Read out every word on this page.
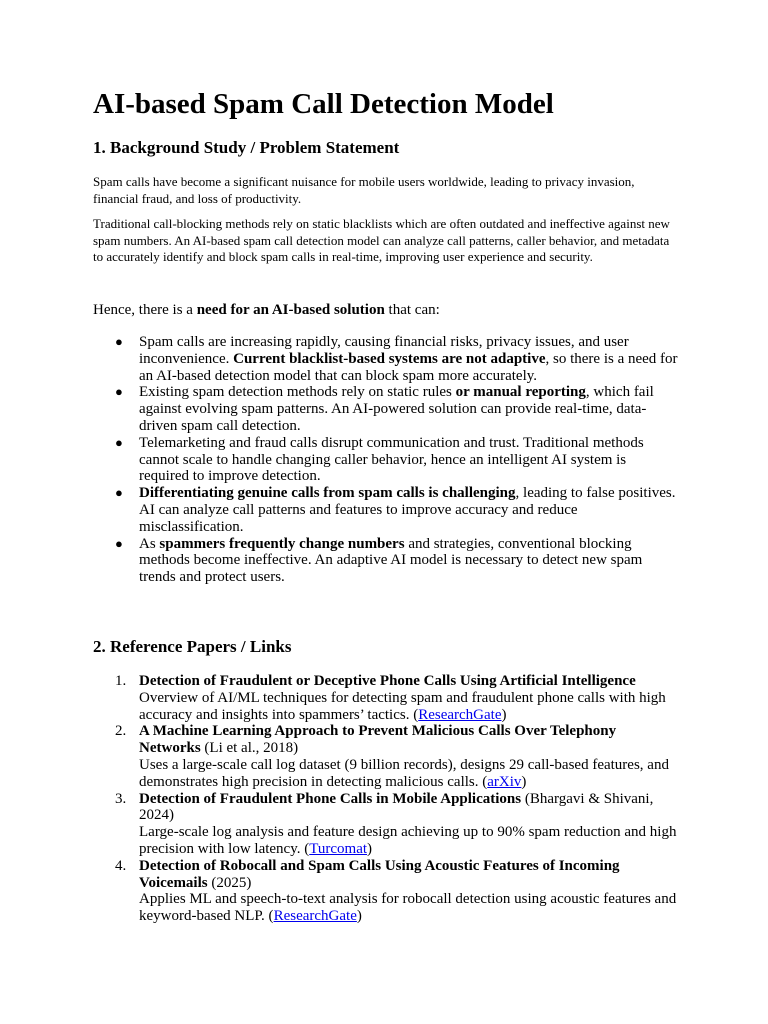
AI-based Spam Call Detection Model
1. Background Study / Problem Statement

Spam calls have become a significant nuisance for mobile users worldwide, leading to privacy invasion, financial fraud, and loss of productivity.

Traditional call-blocking methods rely on static blacklists which are often outdated and ineffective against new spam numbers. An AI-based spam call detection model can analyze call patterns, caller behavior, and metadata to accurately identify and block spam calls in real-time, improving user experience and security.

Hence, there is a need for an AI-based solution that can:

● Spam calls are increasing rapidly, causing financial risks, privacy issues, and user inconvenience. Current blacklist-based systems are not adaptive, so there is a need for an AI-based detection model that can block spam more accurately.
● Existing spam detection methods rely on static rules or manual reporting, which fail against evolving spam patterns. An AI-powered solution can provide real-time, data-driven spam call detection.
● Telemarketing and fraud calls disrupt communication and trust. Traditional methods cannot scale to handle changing caller behavior, hence an intelligent AI system is required to improve detection.
● Differentiating genuine calls from spam calls is challenging, leading to false positives. AI can analyze call patterns and features to improve accuracy and reduce misclassification.
● As spammers frequently change numbers and strategies, conventional blocking methods become ineffective. An adaptive AI model is necessary to detect new spam trends and protect users.
2. Reference Papers / Links
1. Detection of Fraudulent or Deceptive Phone Calls Using Artificial Intelligence
Overview of AI/ML techniques for detecting spam and fraudulent phone calls with high accuracy and insights into spammers’ tactics. (ResearchGate)
2. A Machine Learning Approach to Prevent Malicious Calls Over Telephony Networks (Li et al., 2018)
Uses a large-scale call log dataset (9 billion records), designs 29 call-based features, and demonstrates high precision in detecting malicious calls. (arXiv)
3. Detection of Fraudulent Phone Calls in Mobile Applications (Bhargavi & Shivani, 2024)
Large-scale log analysis and feature design achieving up to 90% spam reduction and high precision with low latency. (Turcomat)
4. Detection of Robocall and Spam Calls Using Acoustic Features of Incoming Voicemails (2025)
Applies ML and speech-to-text analysis for robocall detection using acoustic features and keyword-based NLP. (ResearchGate)
